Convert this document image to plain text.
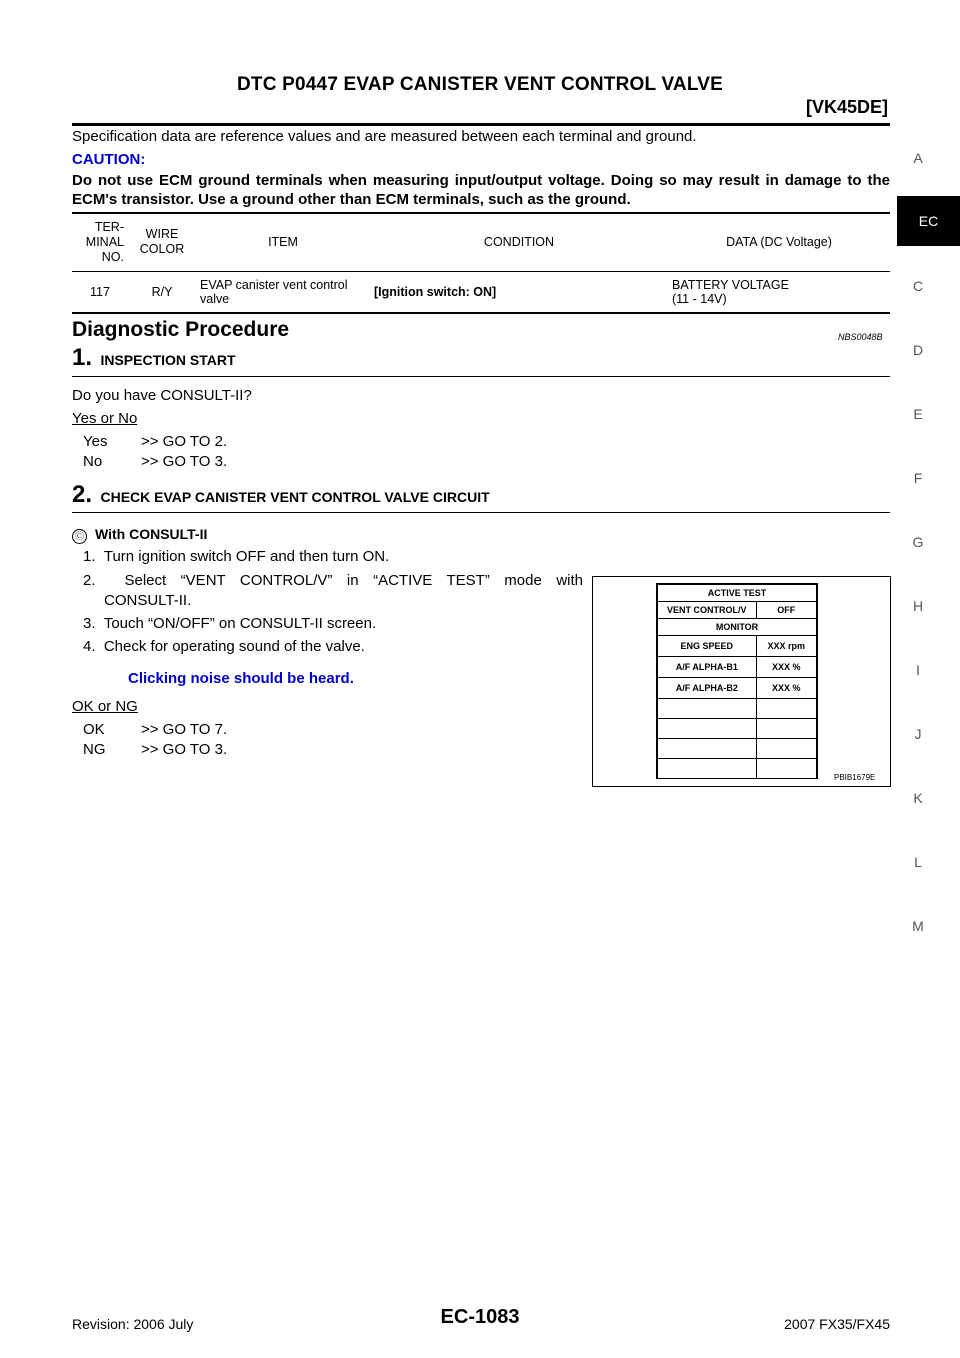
DTC P0447 EVAP CANISTER VENT CONTROL VALVE
[VK45DE]
Specification data are reference values and are measured between each terminal and ground.
CAUTION:
Do not use ECM ground terminals when measuring input/output voltage. Doing so may result in damage to the ECM's transistor. Use a ground other than ECM terminals, such as the ground.
TER-
MINAL
NO.	WIRE
COLOR	ITEM	CONDITION	DATA (DC Voltage)
117	R/Y	EVAP canister vent control valve	[Ignition switch: ON]	BATTERY VOLTAGE
(11 - 14V)
Diagnostic Procedure	NBS0048B
1. INSPECTION START
Do you have CONSULT-II?
Yes or No
Yes >> GO TO 2.
No	>> GO TO 3.
2. CHECK EVAP CANISTER VENT CONTROL VALVE CIRCUIT
Ⓒ With CONSULT-II
1.  Turn ignition switch OFF and then turn ON.
2.  Select “VENT CONTROL/V” in “ACTIVE TEST” mode with
CONSULT-II.
3.  Touch “ON/OFF” on CONSULT-II screen.
4.  Check for operating sound of the valve.
Clicking noise should be heard.
OK or NG
OK >> GO TO 7.
NG >> GO TO 3.
ACTIVE TEST	
VENT CONTROL/V	OFF
MONITOR	
ENG SPEED	XXX rpm
A/F ALPHA-B1	XXX %
A/F ALPHA-B2	XXX %

PBIB1679E
A
EC
C
D
E
F
G
H
I
J
K
L
M
Revision: 2006 July	EC-1083	2007 FX35/FX45
